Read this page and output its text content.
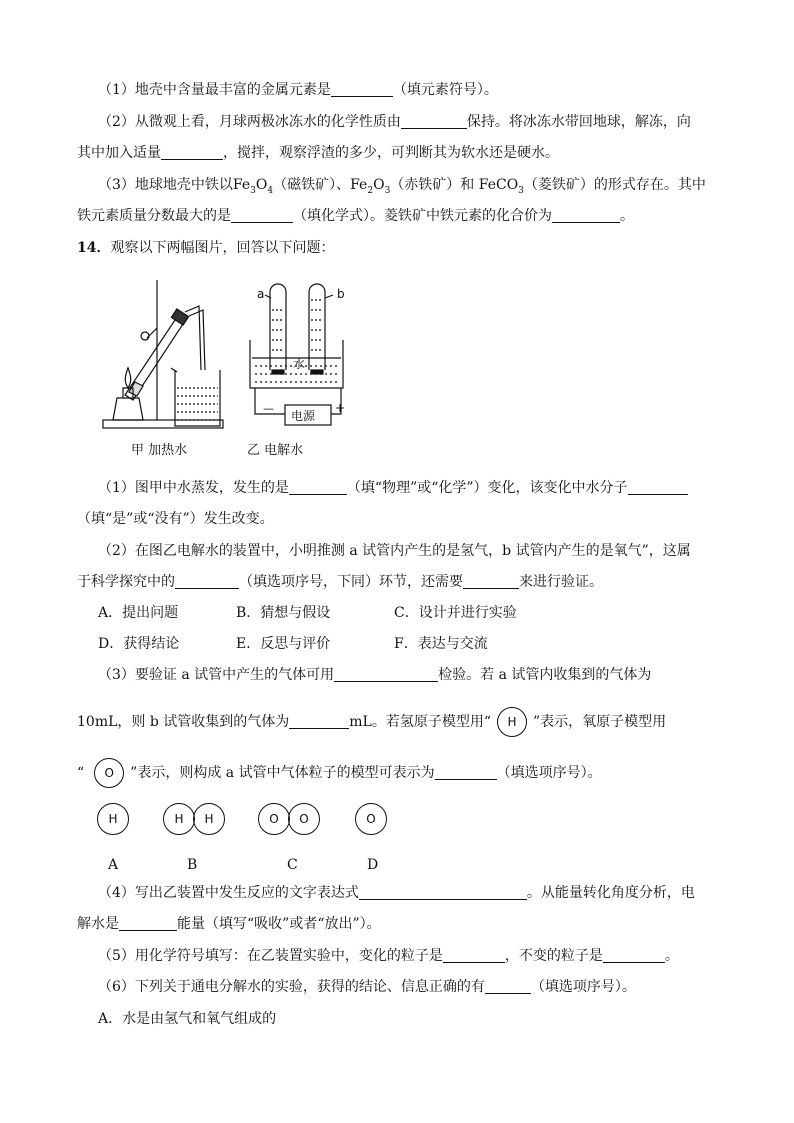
（1）地壳中含量最丰富的金属元素是	（填元素符号）。
（2）从微观上看，月球两极冰冻水的化学性质由	保持。将冰冻水带回地球，解冻，向
其中加入适量	，搅拌，观察浮渣的多少，可判断其为软水还是硬水。
（3）地球地壳中铁以$Fe_3O_4$（磁铁矿）、$Fe_2O_3$（赤铁矿）和 FeCO$_3$（菱铁矿）的形式存在。其中
铁元素质量分数最大的是	（填化学式）。菱铁矿中铁元素的化合价为	。
14．观察以下两幅图片，回答以下问题：
a	b
水
电源
—	+
甲 加热水	乙 电解水
（1）图甲中水蒸发，发生的是	（填“物理”或“化学”）变化，该变化中水分子
（填“是”或“没有”）发生改变。
（2）在图乙电解水的装置中，小明推测 a 试管内产生的是氢气，b 试管内产生的是氧气”，这属
于科学探究中的	（填选项序号，下同）环节，还需要	来进行验证。
A．提出问题	B．猜想与假设	C．设计并进行实验
D．获得结论	E．反思与评价	F．表达与交流
（3）要验证 a 试管中产生的气体可用	检验。若 a 试管内收集到的气体为
10mL，则 b 试管收集到的气体为	mL。若氢原子模型用“ H ”表示，氧原子模型用
“ O ”表示，则构成 a 试管中气体粒子的模型可表示为	（填选项序号）。
H	H H	O O	O
A	B	C	D
（4）写出乙装置中发生反应的文字表达式	。从能量转化角度分析，电
解水是	能量（填写“吸收”或者“放出”）。
（5）用化学符号填写：在乙装置实验中，变化的粒子是	，不变的粒子是	。
（6）下列关于通电分解水的实验，获得的结论、信息正确的有	（填选项序号）。
A．水是由氢气和氧气组成的
